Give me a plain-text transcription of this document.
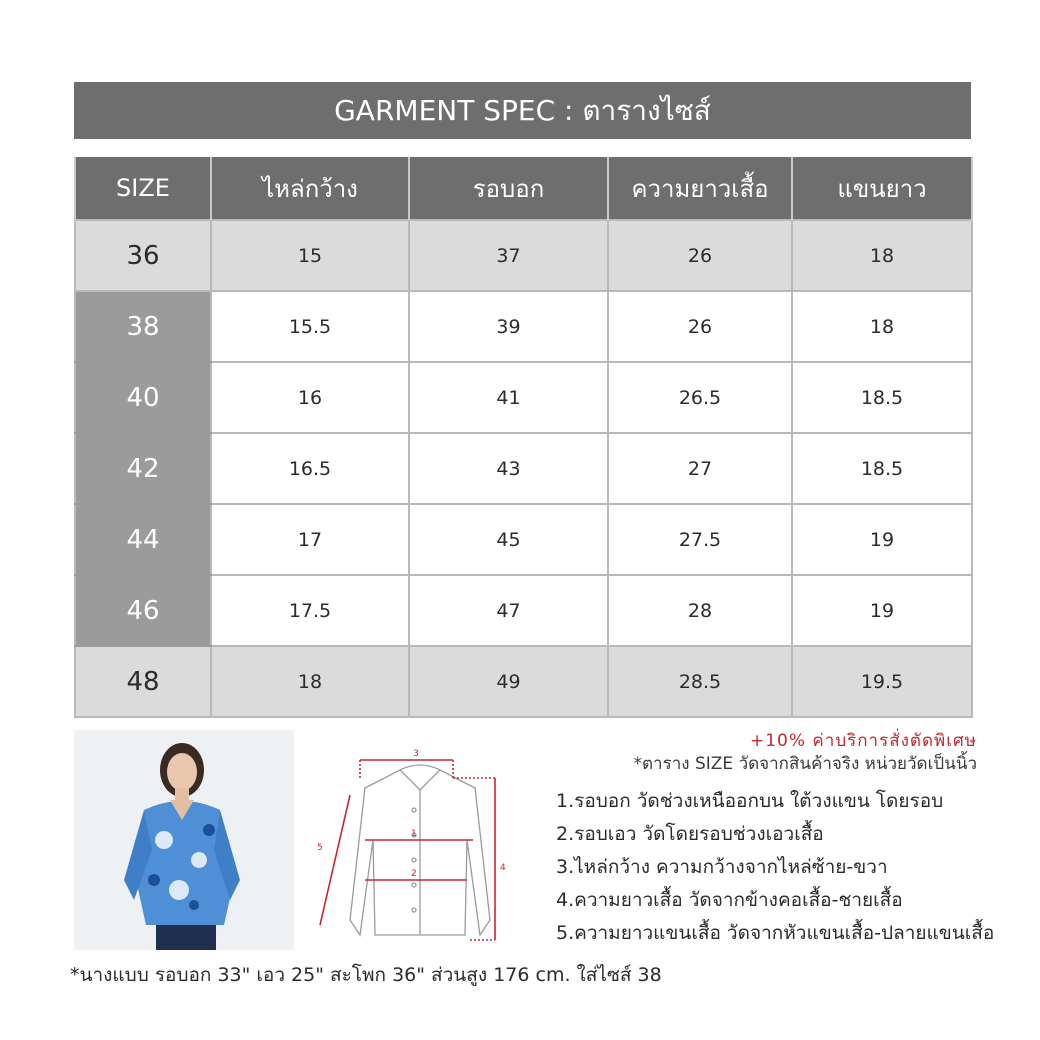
GARMENT SPEC : ตารางไซส์
SIZE	ไหล่กว้าง	รอบอก	ความยาวเสื้อ	แขนยาว
36	15	37	26	18
38	15.5	39	26	18
40	16	41	26.5	18.5
42	16.5	43	27	18.5
44	17	45	27.5	19
46	17.5	47	28	19
48	18	49	28.5	19.5
3
1
2
4
5
+10% ค่าบริการสั่งตัดพิเศษ
*ตาราง SIZE วัดจากสินค้าจริง หน่วยวัดเป็นนิ้ว
1.รอบอก วัดช่วงเหนืออกบน ใต้วงแขน โดยรอบ
2.รอบเอว วัดโดยรอบช่วงเอวเสื้อ
3.ไหล่กว้าง ความกว้างจากไหล่ซ้าย-ขวา
4.ความยาวเสื้อ วัดจากข้างคอเสื้อ-ชายเสื้อ
5.ความยาวแขนเสื้อ วัดจากหัวแขนเสื้อ-ปลายแขนเสื้อ
*นางแบบ รอบอก 33" เอว 25" สะโพก 36" ส่วนสูง 176 cm. ใส่ไซส์ 38
